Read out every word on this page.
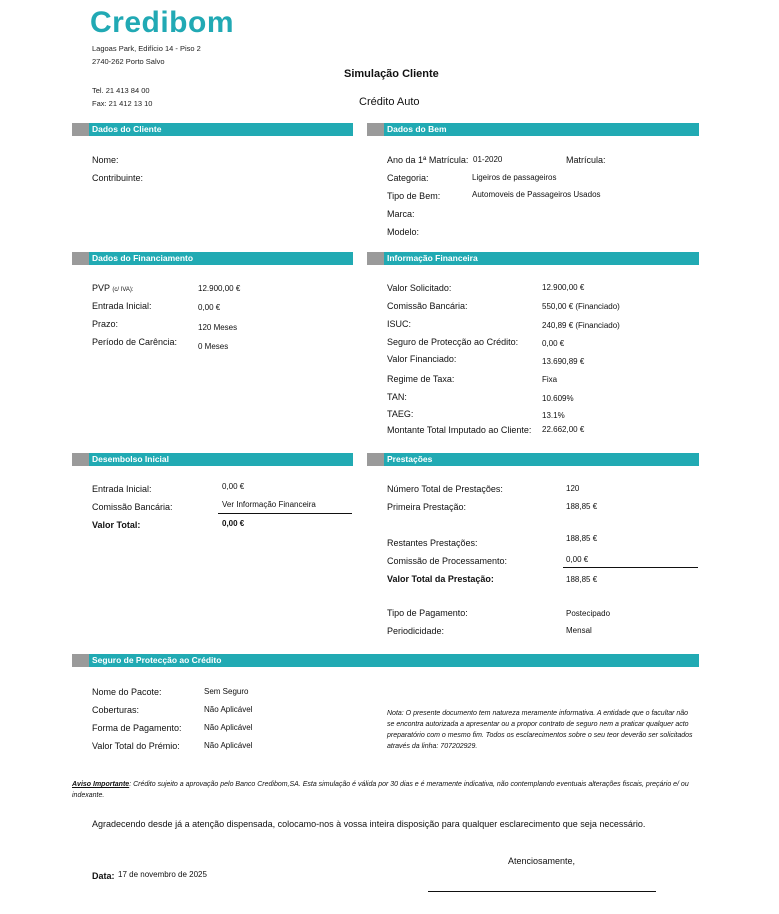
Credibom
Lagoas Park, Edifício 14 - Piso 2
2740-262 Porto Salvo
Tel. 21 413 84 00
Fax: 21 412 13 10
Simulação Cliente
Crédito Auto
Dados do Cliente
Nome:
Contribuinte:
Dados do Bem
Ano da 1ª Matrícula: 01-2020	Matrícula:
Categoria:	Ligeiros de passageiros
Tipo de Bem:	Automoveis de Passageiros Usados
Marca:
Modelo:
Dados do Financiamento
PVP (c/ IVA):	12.900,00 €
Entrada Inicial:	0,00 €
Prazo:	120 Meses
Período de Carência:	0 Meses
Informação Financeira
Valor Solicitado:	12.900,00 €
Comissão Bancária:	550,00 € (Financiado)
ISUC:	240,89 € (Financiado)
Seguro de Protecção ao Crédito:	0,00 €
Valor Financiado:	13.690,89 €
Regime de Taxa:	Fixa
TAN:	10.609%
TAEG:	13.1%
Montante Total Imputado ao Cliente: 22.662,00 €
Desembolso Inicial
Entrada Inicial:	0,00 €
Comissão Bancária:	Ver Informação Financeira
Valor Total:	0,00 €
Prestações
Número Total de Prestações:	120
Primeira Prestação:	188,85 €
Restantes Prestações:	188,85 €
Comissão de Processamento:	0,00 €
Valor Total da Prestação:	188,85 €
Tipo de Pagamento:	Postecipado
Periodicidade:	Mensal
Seguro de Protecção ao Crédito
Nome do Pacote:	Sem Seguro
Coberturas:	Não Aplicável
Forma de Pagamento:	Não Aplicável
Valor Total do Prémio:	Não Aplicável
Nota: O presente documento tem natureza meramente informativa. A entidade que o facultar não se encontra autorizada a apresentar ou a propor contrato de seguro nem a praticar qualquer acto preparatório com o mesmo fim. Todos os esclarecimentos sobre o seu teor deverão ser solicitados através da linha: 707202929.
Aviso Importante: Crédito sujeito a aprovação pelo Banco Credibom,SA. Esta simulação é válida por 30 dias e é meramente indicativa, não contemplando eventuais alterações fiscais, preçário e/ ou indexante.
Agradecendo desde já a atenção dispensada, colocamo-nos à vossa inteira disposição para qualquer esclarecimento que seja necessário.
Atenciosamente,
Data: 17 de novembro de 2025
